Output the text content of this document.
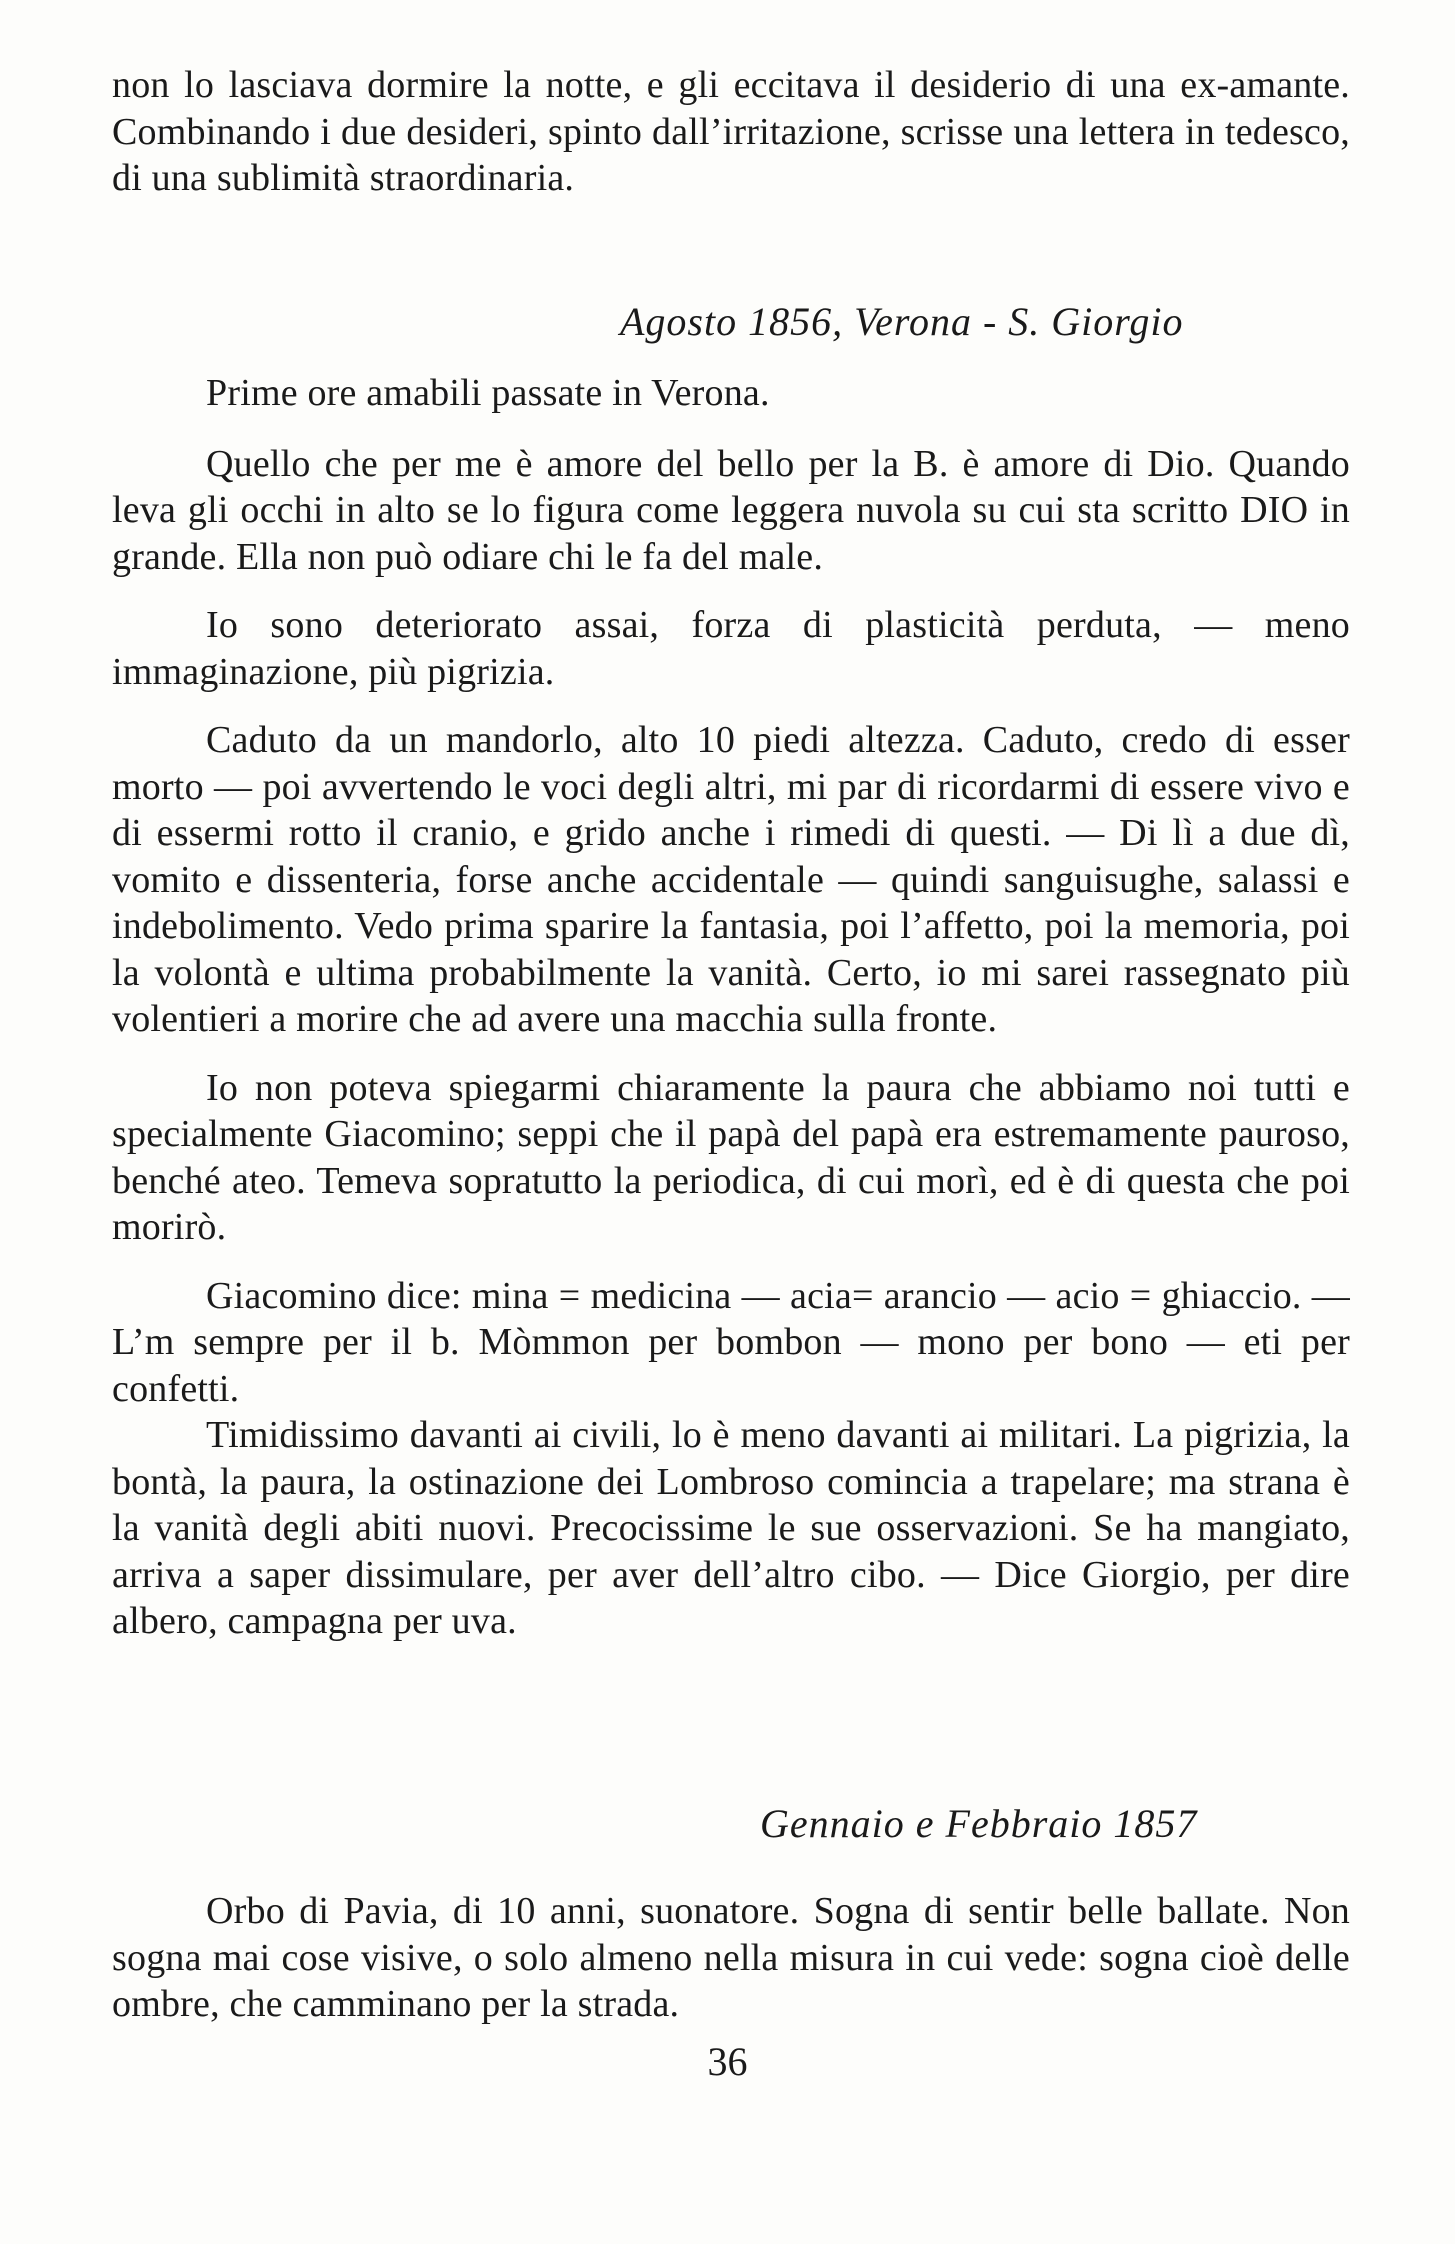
non lo lasciava dormire la notte, e gli eccitava il desiderio di una ex-amante. Combinando i due desideri, spinto dall’irritazione, scrisse una lettera in tedesco, di una sublimità straordinaria.

Agosto 1856, Verona - S. Giorgio

Prime ore amabili passate in Verona.

Quello che per me è amore del bello per la B. è amore di Dio. Quando leva gli occhi in alto se lo figura come leggera nuvola su cui sta scritto DIO in grande. Ella non può odiare chi le fa del male.

Io sono deteriorato assai, forza di plasticità perduta, — meno immaginazione, più pigrizia.

Caduto da un mandorlo, alto 10 piedi altezza. Caduto, credo di esser morto — poi avvertendo le voci degli altri, mi par di ricordarmi di essere vivo e di essermi rotto il cranio, e grido anche i rimedi di questi. — Di lì a due dì, vomito e dissenteria, forse anche accidentale — quindi sanguisughe, salassi e indebolimento. Vedo prima sparire la fantasia, poi l’affetto, poi la memoria, poi la volontà e ultima probabilmente la vanità. Certo, io mi sarei rassegnato più volentieri a morire che ad avere una macchia sulla fronte.

Io non poteva spiegarmi chiaramente la paura che abbiamo noi tutti e specialmente Giacomino; seppi che il papà del papà era estremamente pauroso, benché ateo. Temeva sopratutto la periodica, di cui morì, ed è di questa che poi morirò.

Giacomino dice: mina = medicina — acia= arancio — acio = ghiaccio. — L’m sempre per il b. Mòmmon per bombon — mono per bono — eti per confetti.

Timidissimo davanti ai civili, lo è meno davanti ai militari. La pigrizia, la bontà, la paura, la ostinazione dei Lombroso comincia a trapelare; ma strana è la vanità degli abiti nuovi. Precocissime le sue osservazioni. Se ha mangiato, arriva a saper dissimulare, per aver dell’altro cibo. — Dice Giorgio, per dire albero, campagna per uva.

Gennaio e Febbraio 1857

Orbo di Pavia, di 10 anni, suonatore. Sogna di sentir belle ballate. Non sogna mai cose visive, o solo almeno nella misura in cui vede: sogna cioè delle ombre, che camminano per la strada.

36
